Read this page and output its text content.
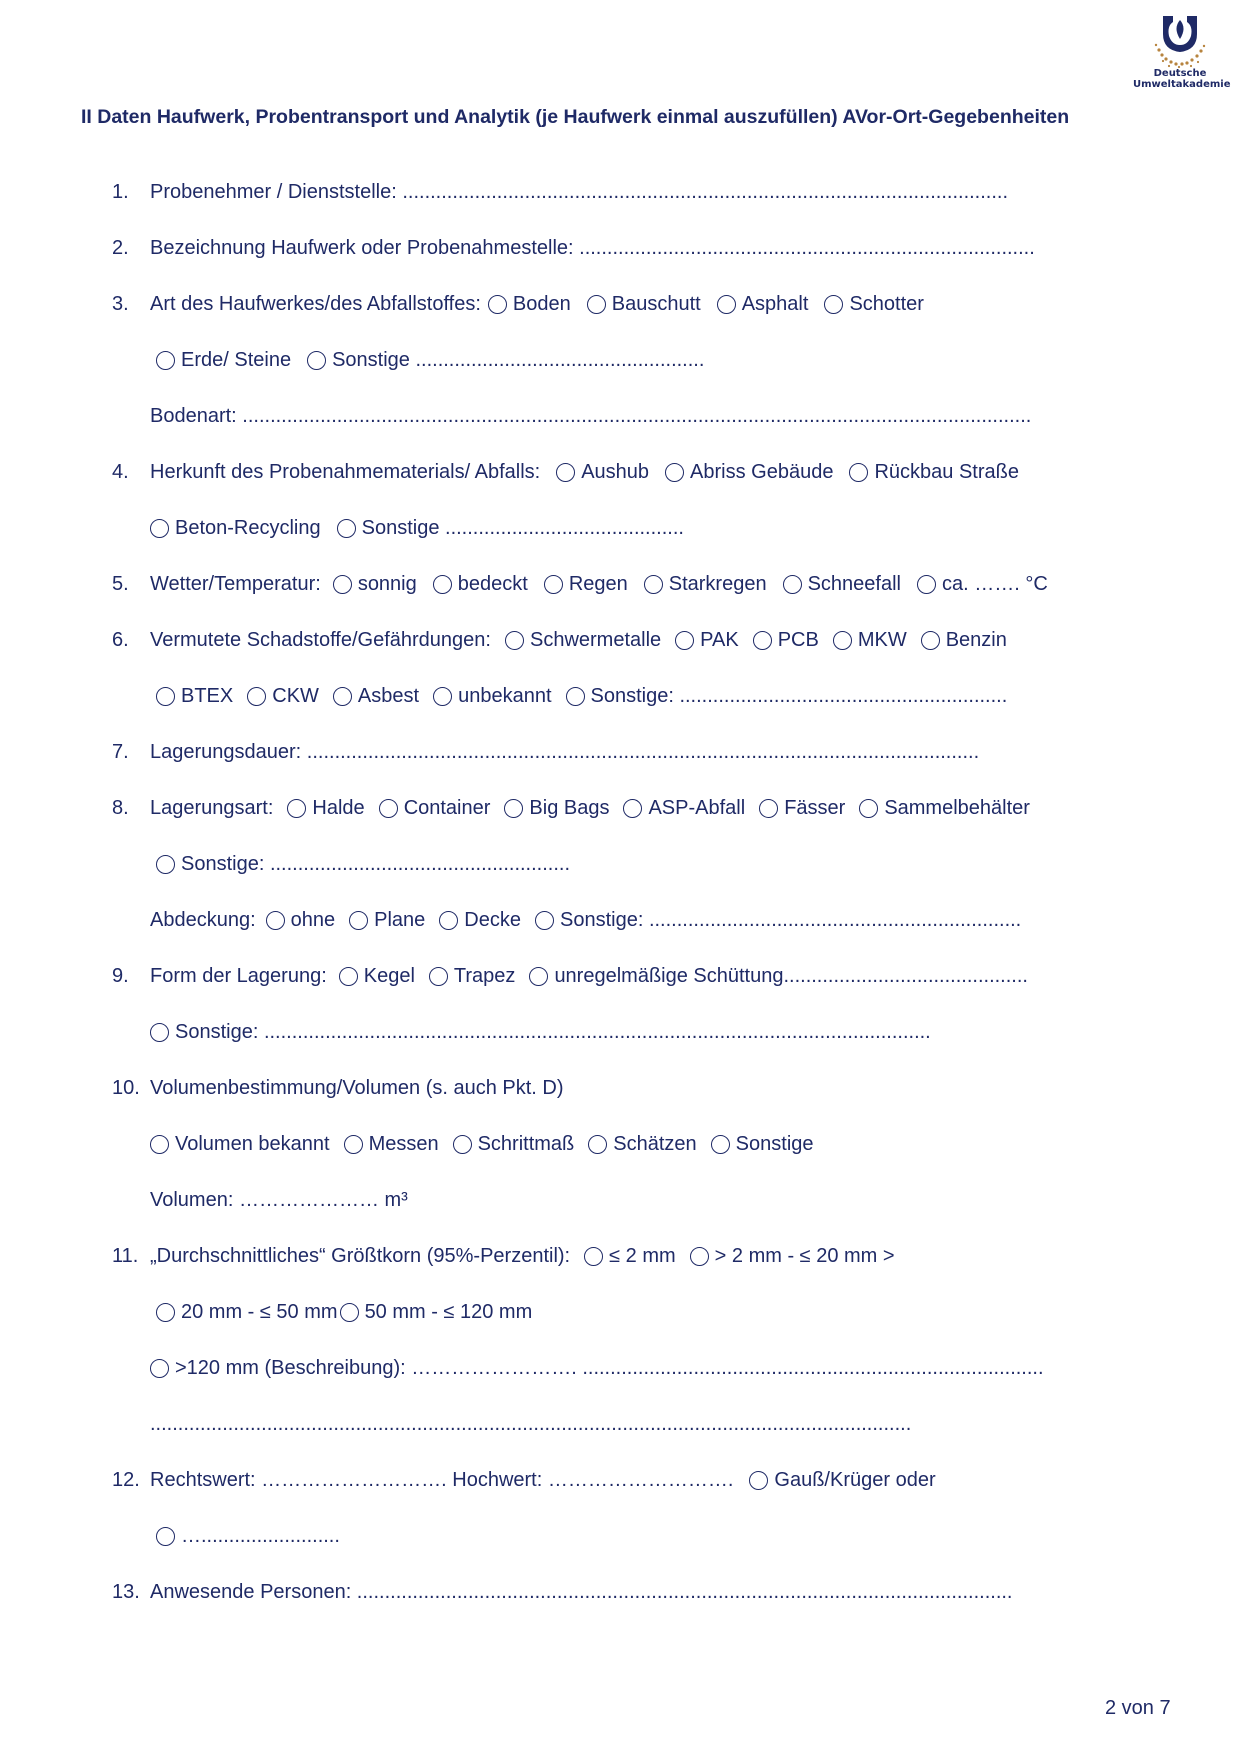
Deutsche
Umweltakademie
II Daten Haufwerk, Probentransport und Analytik (je Haufwerk einmal auszufüllen) AVor-Ort-Gegebenheiten
1. Probenehmer / Dienststelle: .............................................................................................................
2. Bezeichnung Haufwerk oder Probenahmestelle: ..................................................................................
3. Art des Haufwerkes/des Abfallstoffes: Boden Bauschutt Asphalt Schotter
Erde/ Steine Sonstige ....................................................
Bodenart: ..............................................................................................................................................
4. Herkunft des Probenahmematerials/ Abfalls: Aushub Abriss Gebäude Rückbau Straße
Beton-Recycling Sonstige ...........................................
5. Wetter/Temperatur: sonnig bedeckt Regen Starkregen Schneefall ca. ……. °C
6. Vermutete Schadstoffe/Gefährdungen: Schwermetalle PAK PCB MKW Benzin
BTEX CKW Asbest unbekannt Sonstige: ...........................................................
7. Lagerungsdauer: .........................................................................................................................
8. Lagerungsart: Halde Container Big Bags ASP-Abfall Fässer Sammelbehälter
Sonstige: ......................................................
Abdeckung: ohne Plane Decke Sonstige: ...................................................................
9. Form der Lagerung: Kegel Trapez unregelmäßige Schüttung............................................
Sonstige: ........................................................................................................................
10. Volumenbestimmung/Volumen (s. auch Pkt. D)
Volumen bekannt Messen Schrittmaß Schätzen Sonstige
Volumen: ………………… m³
11. „Durchschnittliches“ Größtkorn (95%-Perzentil): ≤ 2 mm > 2 mm - ≤ 20 mm >
20 mm - ≤ 50 mm 50 mm - ≤ 120 mm
>120 mm (Beschreibung): ……………………. ...................................................................................
.........................................................................................................................................
12. Rechtswert: ………………………. Hochwert: ………………………. Gauß/Krüger oder
….........................
13. Anwesende Personen: ......................................................................................................................
2 von 7
